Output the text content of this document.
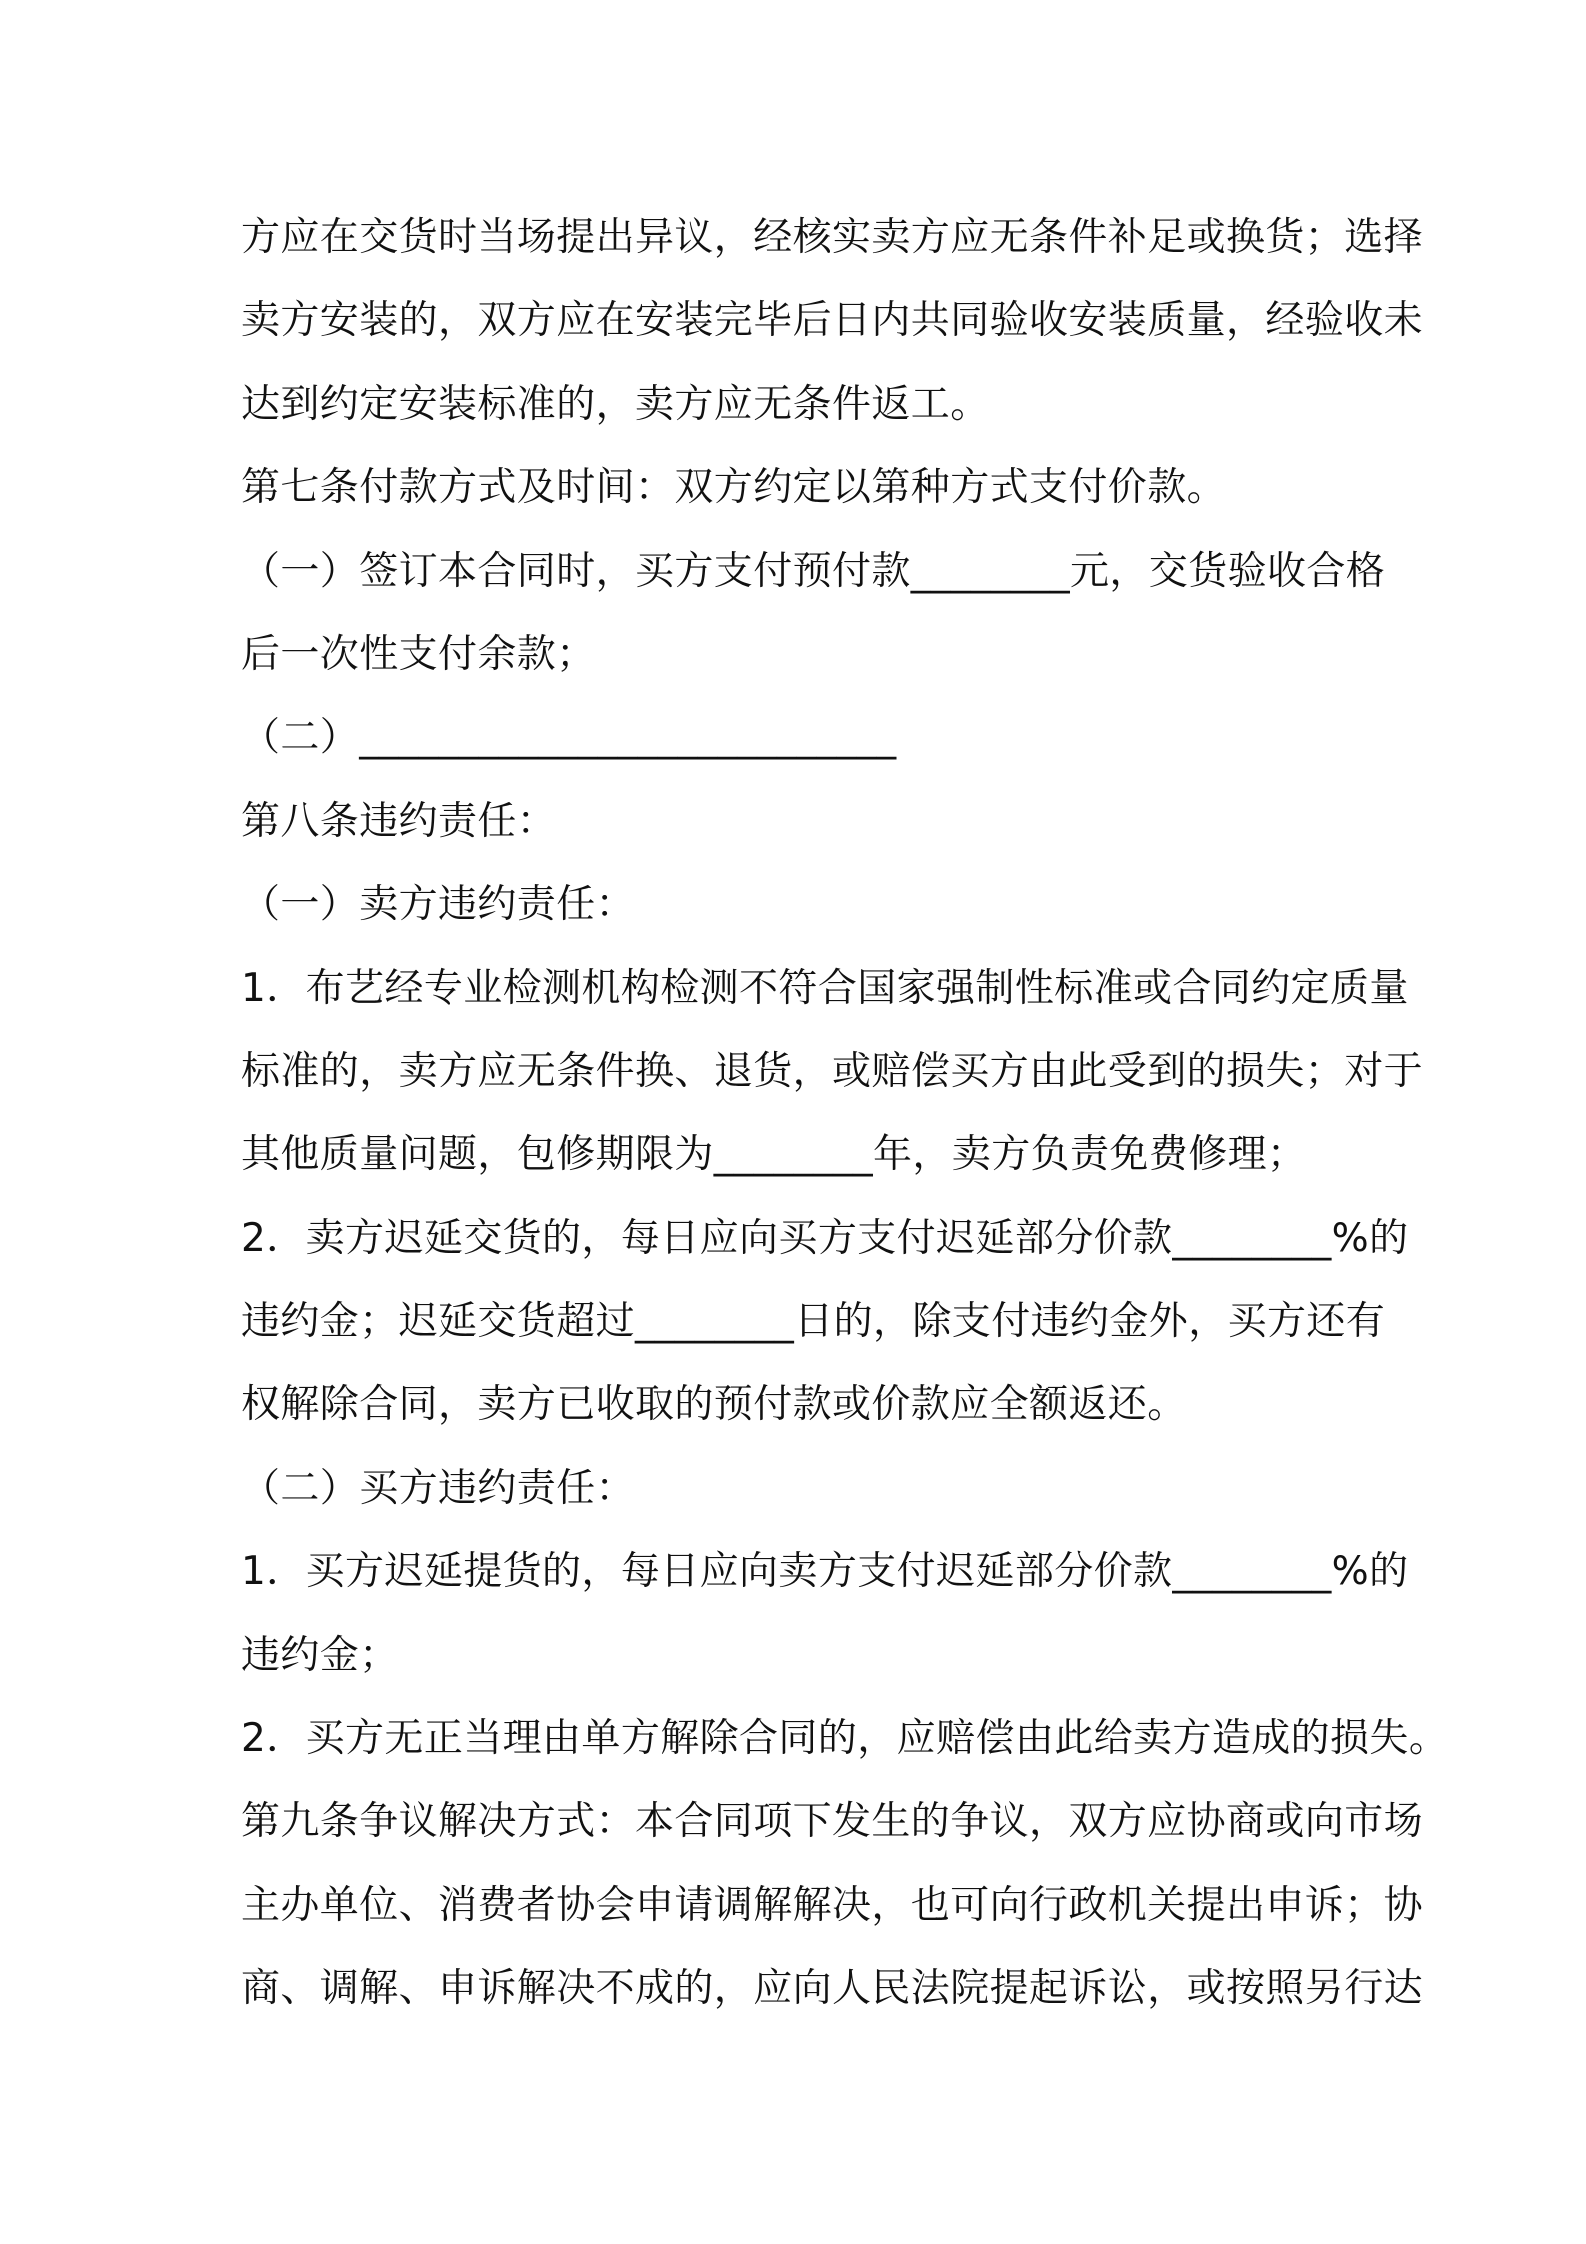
方应在交货时当场提出异议，经核实卖方应无条件补足或换货；选择
卖方安装的，双方应在安装完毕后日内共同验收安装质量，经验收未
达到约定安装标准的，卖方应无条件返工。
第七条付款方式及时间：双方约定以第种方式支付价款。
（一）签订本合同时，买方支付预付款________元，交货验收合格
后一次性支付余款；
（二）___________________________
第八条违约责任：
（一）卖方违约责任：
1．布艺经专业检测机构检测不符合国家强制性标准或合同约定质量
标准的，卖方应无条件换、退货，或赔偿买方由此受到的损失；对于
其他质量问题，包修期限为________年，卖方负责免费修理；
2．卖方迟延交货的，每日应向买方支付迟延部分价款________%的
违约金；迟延交货超过________日的，除支付违约金外，买方还有
权解除合同，卖方已收取的预付款或价款应全额返还。
（二）买方违约责任：
1．买方迟延提货的，每日应向卖方支付迟延部分价款________%的
违约金；
2．买方无正当理由单方解除合同的，应赔偿由此给卖方造成的损失。
第九条争议解决方式：本合同项下发生的争议，双方应协商或向市场
主办单位、消费者协会申请调解解决，也可向行政机关提出申诉；协
商、调解、申诉解决不成的，应向人民法院提起诉讼，或按照另行达
